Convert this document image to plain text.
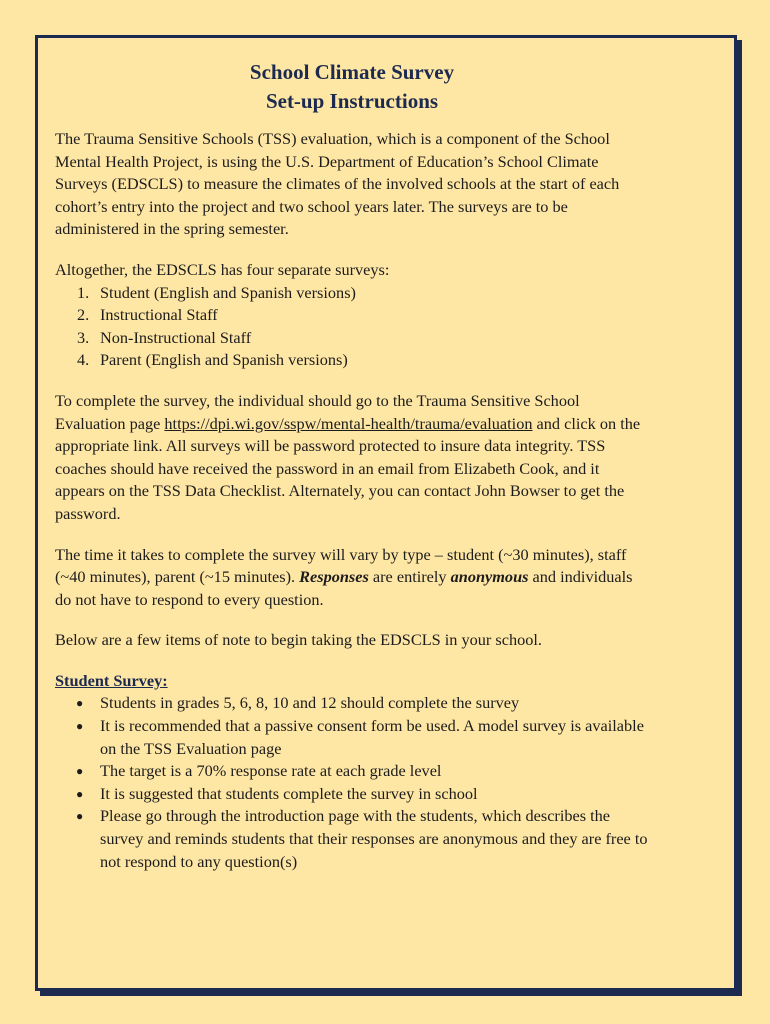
School Climate Survey
Set-up Instructions

The Trauma Sensitive Schools (TSS) evaluation, which is a component of the School Mental Health Project, is using the U.S. Department of Education’s School Climate Surveys (EDSCLS) to measure the climates of the involved schools at the start of each cohort’s entry into the project and two school years later. The surveys are to be administered in the spring semester.

Altogether, the EDSCLS has four separate surveys:

1. Student (English and Spanish versions)
2. Instructional Staff
3. Non-Instructional Staff
4. Parent (English and Spanish versions)

To complete the survey, the individual should go to the Trauma Sensitive School Evaluation page https://dpi.wi.gov/sspw/mental-health/trauma/evaluation and click on the appropriate link. All surveys will be password protected to insure data integrity. TSS coaches should have received the password in an email from Elizabeth Cook, and it appears on the TSS Data Checklist. Alternately, you can contact John Bowser to get the password.

The time it takes to complete the survey will vary by type – student (~30 minutes), staff (~40 minutes), parent (~15 minutes). Responses are entirely anonymous and individuals do not have to respond to every question.

Below are a few items of note to begin taking the EDSCLS in your school.

Student Survey:

● Students in grades 5, 6, 8, 10 and 12 should complete the survey
● It is recommended that a passive consent form be used. A model survey is available on the TSS Evaluation page
● The target is a 70% response rate at each grade level
● It is suggested that students complete the survey in school
● Please go through the introduction page with the students, which describes the survey and reminds students that their responses are anonymous and they are free to not respond to any question(s)
